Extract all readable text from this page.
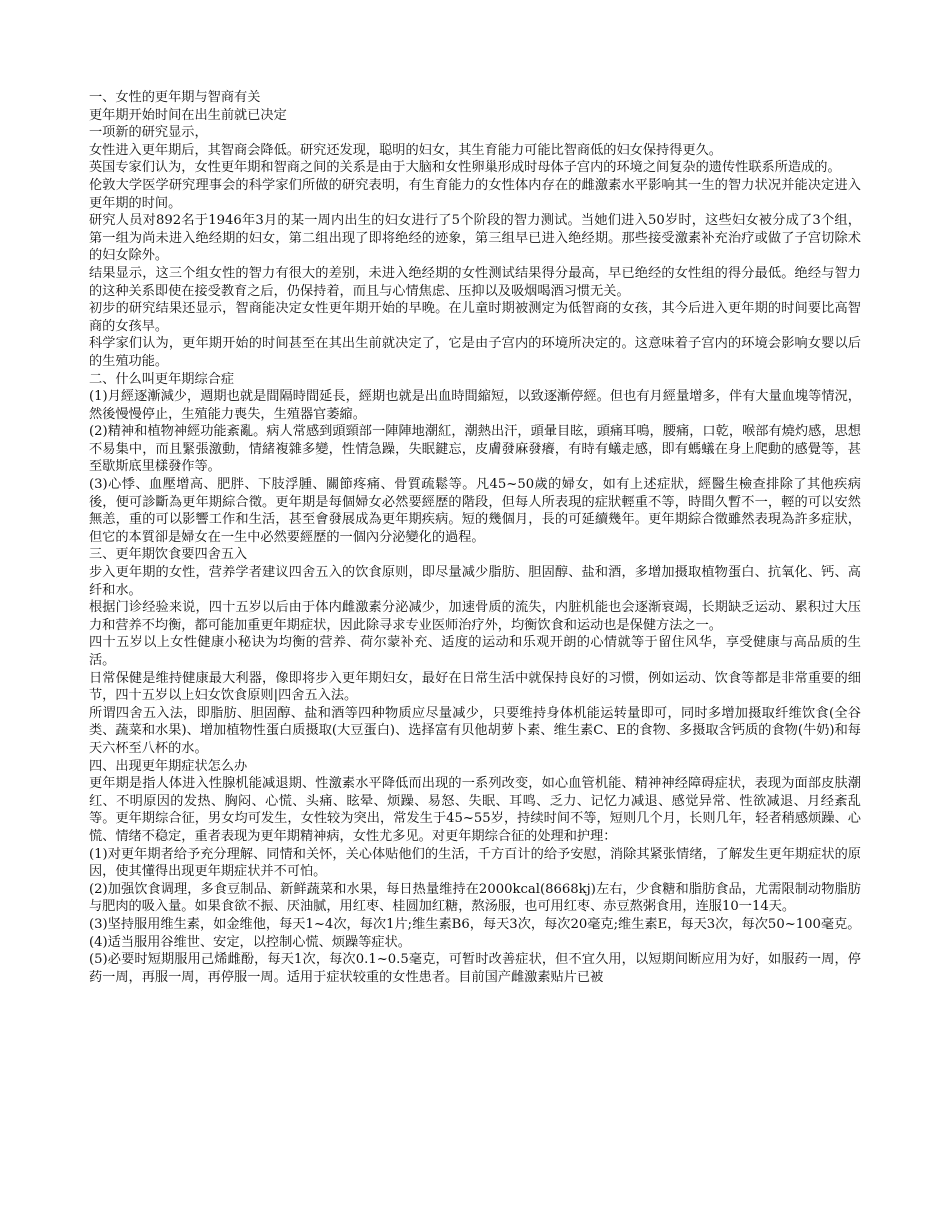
一、女性的更年期与智商有关

更年期开始时间在出生前就已决定

一项新的研究显示，

女性进入更年期后，其智商会降低。研究还发现，聪明的妇女，其生育能力可能比智商低的妇女保持得更久。

英国专家们认为，女性更年期和智商之间的关系是由于大脑和女性卵巢形成时母体子宫内的环境之间复杂的遗传性联系所造成的。

伦敦大学医学研究理事会的科学家们所做的研究表明，有生育能力的女性体内存在的雌激素水平影响其一生的智力状况并能决定进入更年期的时间。

研究人员对892名于1946年3月的某一周内出生的妇女进行了5个阶段的智力测试。当她们进入50岁时，这些妇女被分成了3个组，第一组为尚未进入绝经期的妇女，第二组出现了即将绝经的迹象，第三组早已进入绝经期。那些接受激素补充治疗或做了子宫切除术的妇女除外。

结果显示，这三个组女性的智力有很大的差别，未进入绝经期的女性测试结果得分最高，早已绝经的女性组的得分最低。绝经与智力的这种关系即使在接受教育之后，仍保持着，而且与心情焦虑、压抑以及吸烟喝酒习惯无关。

初步的研究结果还显示，智商能决定女性更年期开始的早晚。在儿童时期被测定为低智商的女孩，其今后进入更年期的时间要比高智商的女孩早。

科学家们认为，更年期开始的时间甚至在其出生前就决定了，它是由子宫内的环境所决定的。这意味着子宫内的环境会影响女婴以后的生殖功能。

二、什么叫更年期综合症

(1)月經逐漸減少，週期也就是間隔時間延長，經期也就是出血時間縮短，以致逐漸停經。但也有月經量增多，伴有大量血塊等情況，然後慢慢停止，生殖能力喪失，生殖器官萎縮。

(2)精神和植物神經功能紊亂。病人常感到頭頸部一陣陣地潮紅，潮熱出汗，頭暈目眩，頭痛耳鳴，腰痛，口乾，喉部有燒灼感，思想不易集中，而且緊張激動，情緒複雜多變，性情急躁，失眠鍵忘，皮膚發麻發癢，有時有蟻走感，即有螞蟻在身上爬動的感覺等，甚至歇斯底里樣發作等。

(3)心悸、血壓增高、肥胖、下肢浮腫、關節疼痛、骨質疏鬆等。凡45~50歲的婦女，如有上述症狀，經醫生檢查排除了其他疾病後，便可診斷為更年期綜合徵。更年期是每個婦女必然要經歷的階段，但每人所表現的症狀輕重不等，時間久暫不一，輕的可以安然無恙，重的可以影響工作和生活，甚至會發展成為更年期疾病。短的幾個月，長的可延續幾年。更年期綜合徵雖然表現為許多症狀，但它的本質卻是婦女在一生中必然要經歷的一個內分泌變化的過程。

三、更年期饮食要四舍五入

步入更年期的女性，营养学者建议四舍五入的饮食原则，即尽量减少脂肪、胆固醇、盐和酒，多增加摄取植物蛋白、抗氧化、钙、高纤和水。

根据门诊经验来说，四十五岁以后由于体内雌激素分泌减少，加速骨质的流失，内脏机能也会逐渐衰竭，长期缺乏运动、累积过大压力和营养不均衡，都可能加重更年期症状，因此除寻求专业医师治疗外，均衡饮食和运动也是保健方法之一。

四十五岁以上女性健康小秘诀为均衡的营养、荷尔蒙补充、适度的运动和乐观开朗的心情就等于留住风华，享受健康与高品质的生活。

日常保健是维持健康最大利器，像即将步入更年期妇女，最好在日常生活中就保持良好的习惯，例如运动、饮食等都是非常重要的细节，四十五岁以上妇女饮食原则|四舍五入法。

所谓四舍五入法，即脂肪、胆固醇、盐和酒等四种物质应尽量减少，只要维持身体机能运转量即可，同时多增加摄取纤维饮食(全谷类、蔬菜和水果)、增加植物性蛋白质摄取(大豆蛋白)、选择富有贝他胡萝卜素、维生素C、E的食物、多摄取含钙质的食物(牛奶)和每天六杯至八杯的水。

四、出现更年期症状怎么办

更年期是指人体进入性腺机能减退期、性激素水平降低而出现的一系列改变，如心血管机能、精神神经障碍症状，表现为面部皮肤潮红、不明原因的发热、胸闷、心慌、头痛、眩晕、烦躁、易怒、失眠、耳鸣、乏力、记忆力减退、感觉异常、性欲减退、月经紊乱等。更年期综合征，男女均可发生，女性较为突出，常发生于45~55岁，持续时间不等，短则几个月，长则几年，轻者稍感烦躁、心慌、情绪不稳定，重者表现为更年期精神病，女性尤多见。对更年期综合征的处理和护理：

(1)对更年期者给予充分理解、同情和关怀，关心体贴他们的生活，千方百计的给予安慰，消除其紧张情绪，了解发生更年期症状的原因，使其懂得出现更年期症状并不可怕。

(2)加强饮食调理，多食豆制品、新鲜蔬菜和水果，每日热量维持在2000kcal(8668kj)左右，少食糖和脂肪食品，尤需限制动物脂肪与肥肉的吸入量。如果食欲不振、厌油腻，用红枣、桂圆加红糖，熬汤服，也可用红枣、赤豆熬粥食用，连服10一14天。

(3)坚持服用维生素，如金维他，每天1~4次，每次1片;维生素B6，每天3次，每次20毫克;维生素E，每天3次，每次50~100毫克。

(4)适当服用谷维世、安定，以控制心慌、烦躁等症状。

(5)必要时短期服用己烯雌酚，每天1次，每次0.1~0.5毫克，可暂时改善症状，但不宜久用，以短期间断应用为好，如服药一周，停药一周，再服一周，再停服一周。适用于症状较重的女性患者。目前国产雌激素贴片已被
